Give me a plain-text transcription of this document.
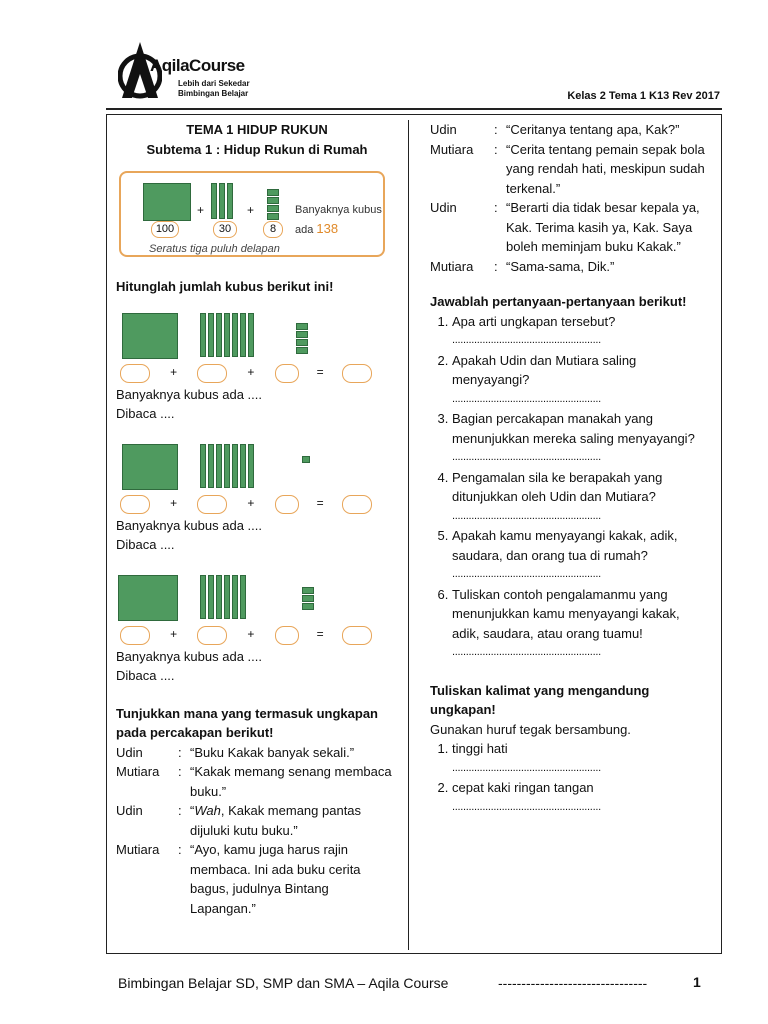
AqilaCourse
Lebih dari Sekedar
Bimbingan Belajar	Kelas 2 Tema 1 K13 Rev 2017
TEMA 1 HIDUP RUKUN
Subtema 1 : Hidup Rukun di Rumah
+	+
100	30	8
Banyaknya kubus
ada 138
Seratus tiga puluh delapan
Hitunglah jumlah kubus berikut ini!
+	+	=
Banyaknya kubus ada ....
Dibaca ....
+	+	=
Banyaknya kubus ada ....
Dibaca ....
+	+	=
Banyaknya kubus ada ....
Dibaca ....
Tunjukkan mana yang termasuk ungkapan pada percakapan berikut!
Udin	: “Buku Kakak banyak sekali.”
Mutiara	: “Kakak memang senang membaca buku.”
Udin	: “Wah, Kakak memang pantas dijuluki kutu buku.”
Mutiara	: “Ayo, kamu juga harus rajin membaca. Ini ada buku cerita bagus, judulnya Bintang Lapangan.”
Udin	: “Ceritanya tentang apa, Kak?”
Mutiara	: “Cerita tentang pemain sepak bola yang rendah hati, meskipun sudah terkenal.”
Udin	: “Berarti dia tidak besar kepala ya, Kak. Terima kasih ya, Kak. Saya boleh meminjam buku Kakak.”
Mutiara	: “Sama-sama, Dik.”
Jawablah pertanyaan-pertanyaan berikut!
1. Apa arti ungkapan tersebut?
......................................................
2. Apakah Udin dan Mutiara saling menyayangi?
......................................................
3. Bagian percakapan manakah yang menunjukkan mereka saling menyayangi?
......................................................
4. Pengamalan sila ke berapakah yang ditunjukkan oleh Udin dan Mutiara?
......................................................
5. Apakah kamu menyayangi kakak, adik, saudara, dan orang tua di rumah?
......................................................
6. Tuliskan contoh pengalamanmu yang menunjukkan kamu menyayangi kakak, adik, saudara, atau orang tuamu!
......................................................
Tuliskan kalimat yang mengandung ungkapan!
Gunakan huruf tegak bersambung.
1. tinggi hati
......................................................
2. cepat kaki ringan tangan
......................................................
Bimbingan Belajar SD, SMP dan SMA – Aqila Course	--------------------------------	1
